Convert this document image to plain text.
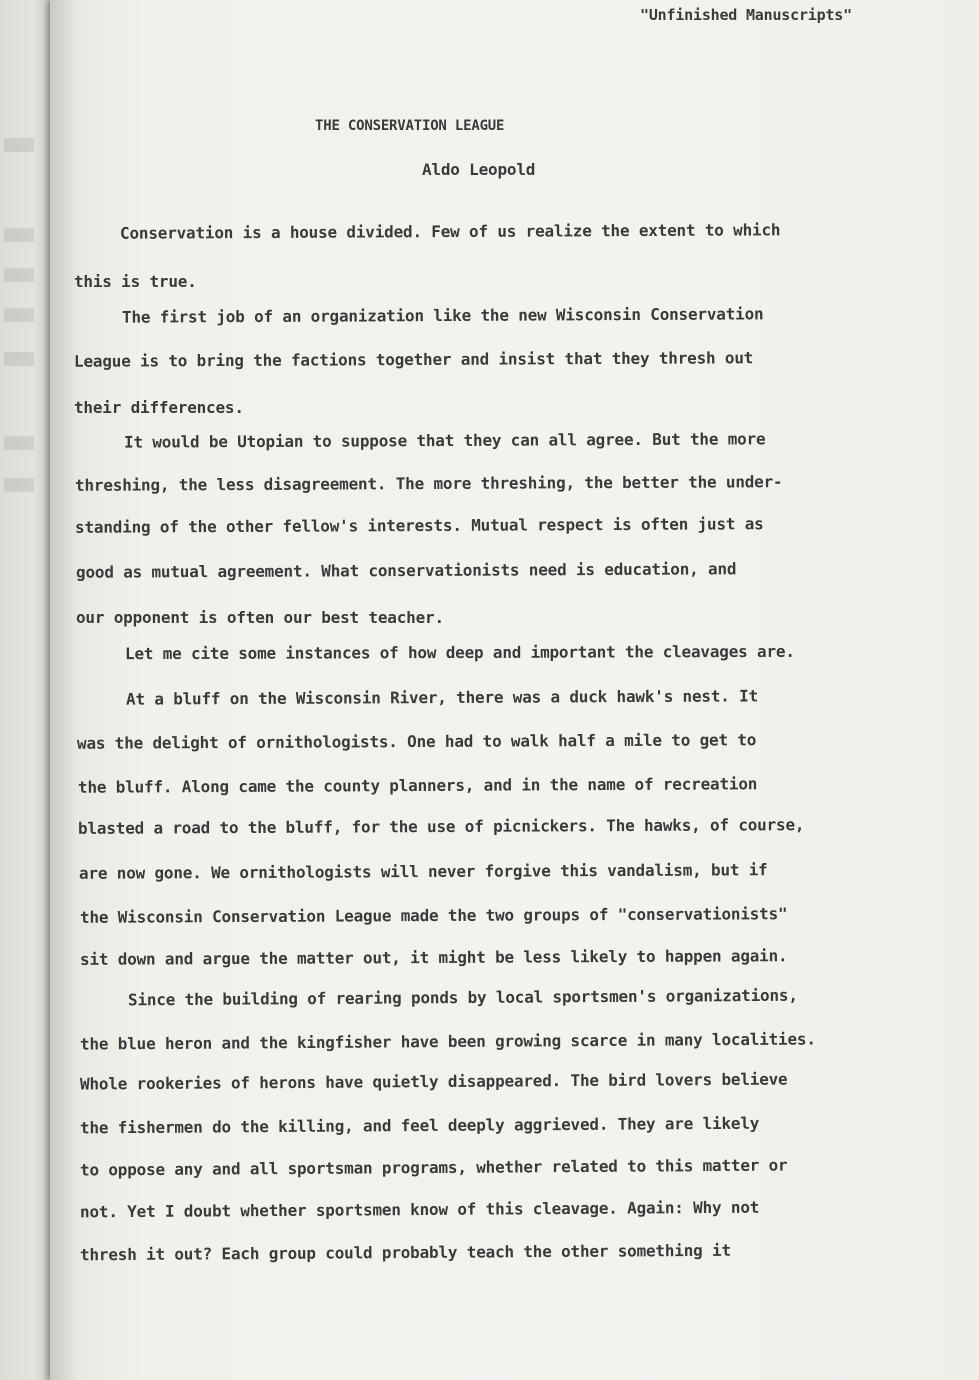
"Unfinished Manuscripts"

THE CONSERVATION LEAGUE

Aldo Leopold

Conservation is a house divided. Few of us realize the extent to which

this is true.

The first job of an organization like the new Wisconsin Conservation

League is to bring the factions together and insist that they thresh out

their differences.

It would be Utopian to suppose that they can all agree. But the more

threshing, the less disagreement. The more threshing, the better the under-

standing of the other fellow's interests. Mutual respect is often just as

good as mutual agreement. What conservationists need is education, and

our opponent is often our best teacher.

Let me cite some instances of how deep and important the cleavages are.

At a bluff on the Wisconsin River, there was a duck hawk's nest. It

was the delight of ornithologists. One had to walk half a mile to get to

the bluff. Along came the county planners, and in the name of recreation

blasted a road to the bluff, for the use of picnickers. The hawks, of course,

are now gone. We ornithologists will never forgive this vandalism, but if

the Wisconsin Conservation League made the two groups of "conservationists"

sit down and argue the matter out, it might be less likely to happen again.

Since the building of rearing ponds by local sportsmen's organizations,

the blue heron and the kingfisher have been growing scarce in many localities.

Whole rookeries of herons have quietly disappeared. The bird lovers believe

the fishermen do the killing, and feel deeply aggrieved. They are likely

to oppose any and all sportsman programs, whether related to this matter or

not. Yet I doubt whether sportsmen know of this cleavage. Again: Why not

thresh it out? Each group could probably teach the other something it
